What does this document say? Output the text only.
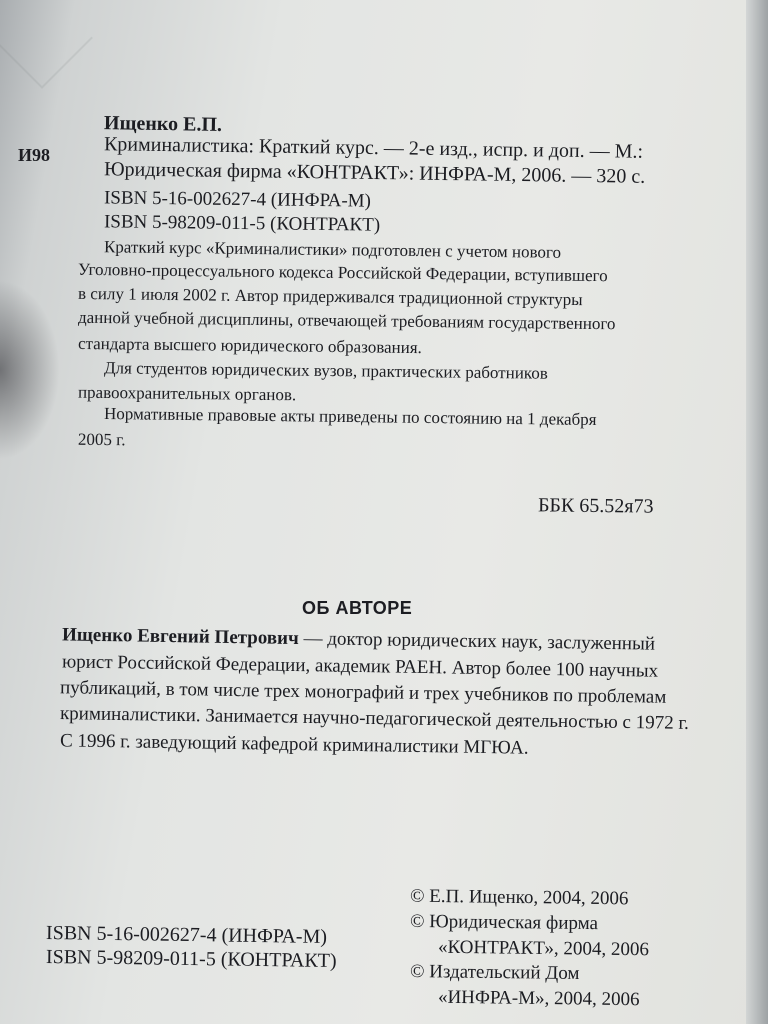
Ищенко Е.П.
И98	Криминалистика: Краткий курс. — 2-е изд., испр. и доп. — М.:
Юридическая фирма «КОНТРАКТ»: ИНФРА-М, 2006. — 320 с.
ISBN 5-16-002627-4 (ИНФРА-М)
ISBN 5-98209-011-5 (КОНТРАКТ)
Краткий курс «Криминалистики» подготовлен с учетом нового
Уголовно-процессуального кодекса Российской Федерации, вступившего
в силу 1 июля 2002 г. Автор придерживался традиционной структуры
данной учебной дисциплины, отвечающей требованиям государственного
стандарта высшего юридического образования.
Для студентов юридических вузов, практических работников
правоохранительных органов.
Нормативные правовые акты приведены по состоянию на 1 декабря
2005 г.
ББК 65.52я73
ОБ АВТОРЕ
Ищенко Евгений Петрович — доктор юридических наук, заслуженный
юрист Российской Федерации, академик РАЕН. Автор более 100 научных
публикаций, в том числе трех монографий и трех учебников по проблемам
криминалистики. Занимается научно-педагогической деятельностью с 1972 г.
С 1996 г. заведующий кафедрой криминалистики МГЮА.
ISBN 5-16-002627-4 (ИНФРА-М)
ISBN 5-98209-011-5 (КОНТРАКТ)
© Е.П. Ищенко, 2004, 2006
© Юридическая фирма
«КОНТРАКТ», 2004, 2006
© Издательский Дом
«ИНФРА-М», 2004, 2006
